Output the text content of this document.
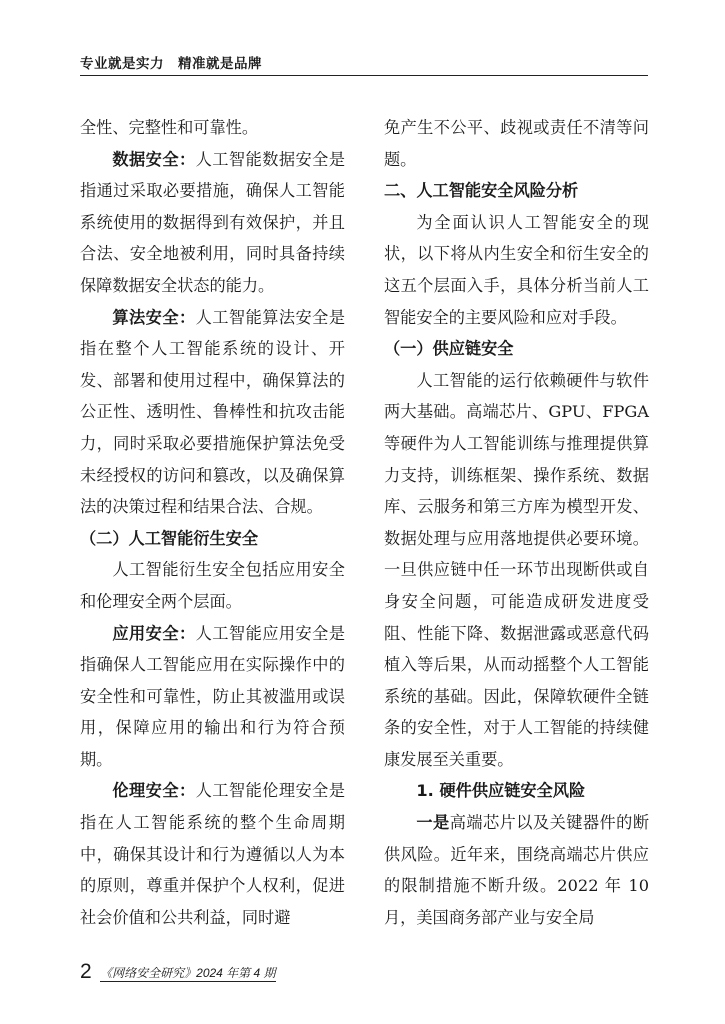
专业就是实力　精准就是品牌

全性、完整性和可靠性。

数据安全：人工智能数据安全是指通过采取必要措施，确保人工智能系统使用的数据得到有效保护，并且合法、安全地被利用，同时具备持续保障数据安全状态的能力。

算法安全：人工智能算法安全是指在整个人工智能系统的设计、开发、部署和使用过程中，确保算法的公正性、透明性、鲁棒性和抗攻击能力，同时采取必要措施保护算法免受未经授权的访问和篡改，以及确保算法的决策过程和结果合法、合规。

（二）人工智能衍生安全

人工智能衍生安全包括应用安全和伦理安全两个层面。

应用安全：人工智能应用安全是指确保人工智能应用在实际操作中的安全性和可靠性，防止其被滥用或误用，保障应用的输出和行为符合预期。

伦理安全：人工智能伦理安全是指在人工智能系统的整个生命周期中，确保其设计和行为遵循以人为本的原则，尊重并保护个人权利，促进社会价值和公共利益，同时避

免产生不公平、歧视或责任不清等问题。

二、人工智能安全风险分析

为全面认识人工智能安全的现状，以下将从内生安全和衍生安全的这五个层面入手，具体分析当前人工智能安全的主要风险和应对手段。

（一）供应链安全

人工智能的运行依赖硬件与软件两大基础。高端芯片、GPU、FPGA等硬件为人工智能训练与推理提供算力支持，训练框架、操作系统、数据库、云服务和第三方库为模型开发、数据处理与应用落地提供必要环境。一旦供应链中任一环节出现断供或自身安全问题，可能造成研发进度受阻、性能下降、数据泄露或恶意代码植入等后果，从而动摇整个人工智能系统的基础。因此，保障软硬件全链条的安全性，对于人工智能的持续健康发展至关重要。

1. 硬件供应链安全风险

一是高端芯片以及关键器件的断供风险。近年来，围绕高端芯片供应的限制措施不断升级。2022 年 10 月，美国商务部产业与安全局

2 《网络安全研究》2024 年第 4 期
